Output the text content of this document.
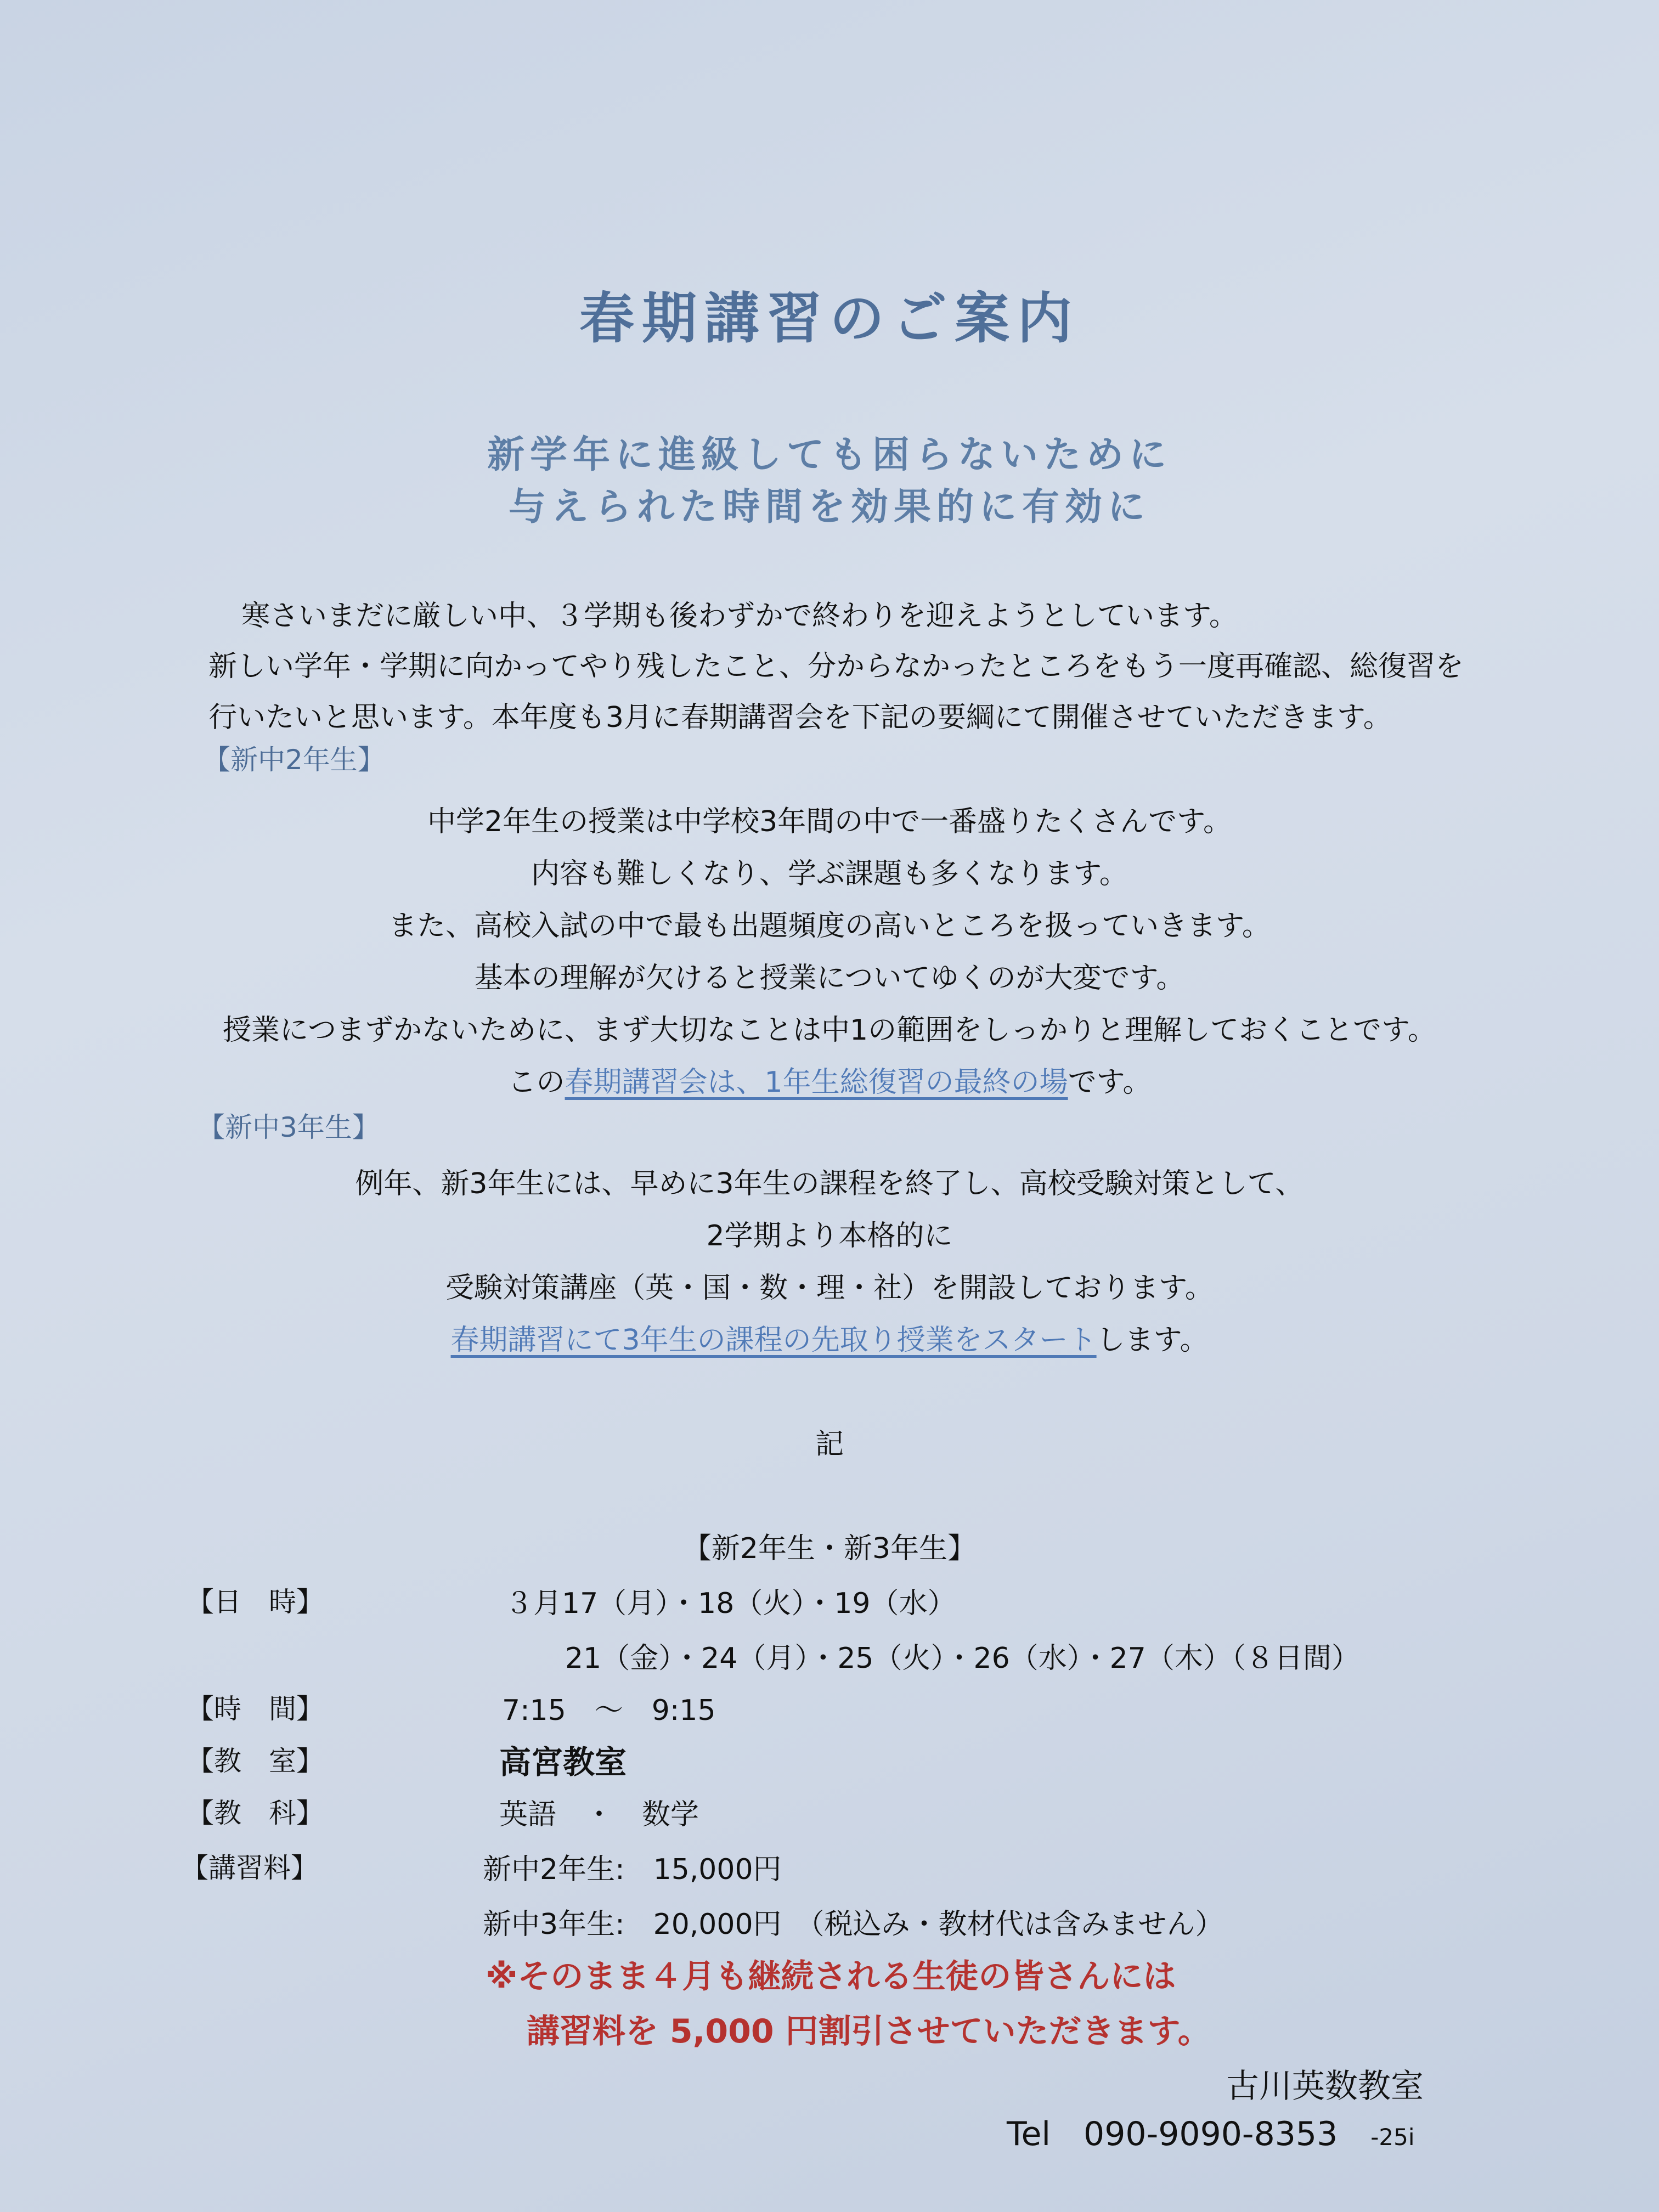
春期講習のご案内
新学年に進級しても困らないために
与えられた時間を効果的に有効に
寒さいまだに厳しい中、３学期も後わずかで終わりを迎えようとしています。
新しい学年・学期に向かってやり残したこと、分からなかったところをもう一度再確認、総復習を
行いたいと思います。本年度も3月に春期講習会を下記の要綱にて開催させていただきます。
【新中2年生】
中学2年生の授業は中学校3年間の中で一番盛りたくさんです。
内容も難しくなり、学ぶ課題も多くなります。
また、高校入試の中で最も出題頻度の高いところを扱っていきます。
基本の理解が欠けると授業についてゆくのが大変です。
授業につまずかないために、まず大切なことは中1の範囲をしっかりと理解しておくことです。
この春期講習会は、1年生総復習の最終の場です。
【新中3年生】
例年、新3年生には、早めに3年生の課程を終了し、高校受験対策として、
2学期より本格的に
受験対策講座（英・国・数・理・社）を開設しております。
春期講習にて3年生の課程の先取り授業をスタートします。
記
【新2年生・新3年生】
【日　時】	３月17（月）・18（火）・19（水）
21（金）・24（月）・25（火）・26（水）・27（木）（８日間）
【時　間】	7:15　～　9:15
【教　室】	高宮教室
【教　科】	英語　・　数学
【講習料】	新中2年生:　15,000円
新中3年生:　20,000円　（税込み・教材代は含みません）
※そのまま４月も継続される生徒の皆さんには
講習料を 5,000 円割引させていただきます。
古川英数教室
Tel 090-9090-8353 -25i
